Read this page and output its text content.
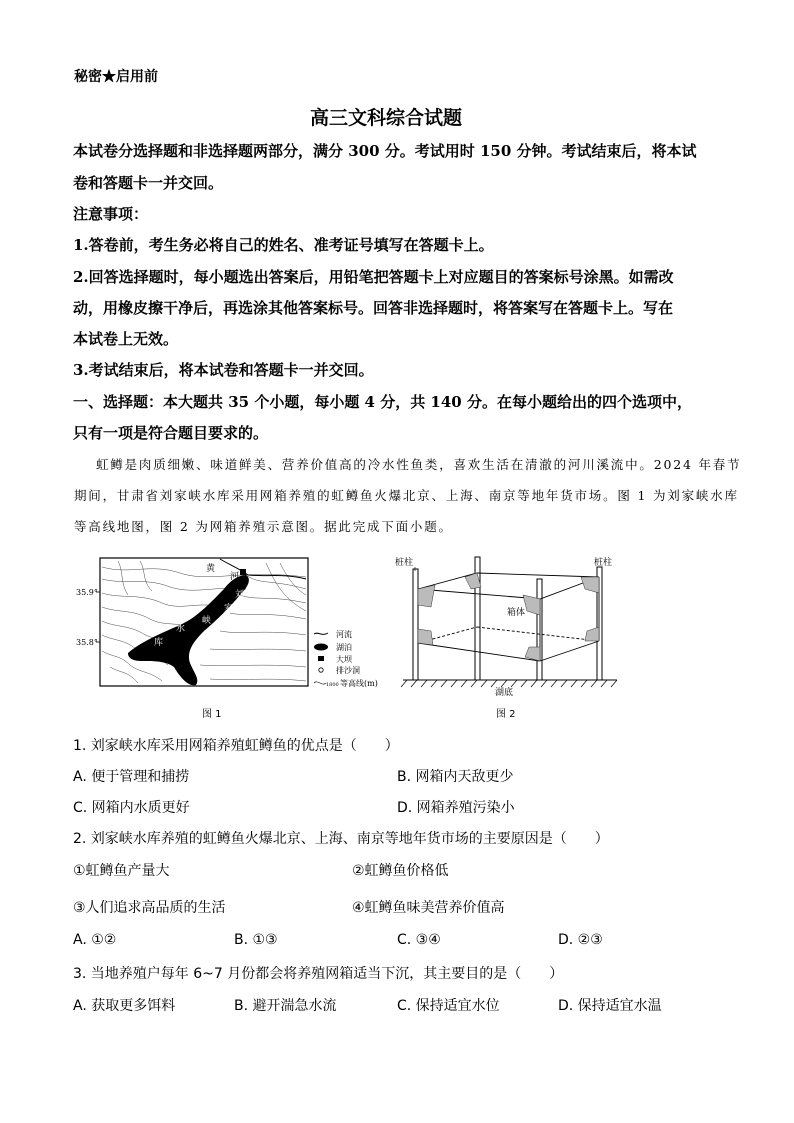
秘密★启用前
高三文科综合试题
本试卷分选择题和非选择题两部分，满分 300 分。考试用时 150 分钟。考试结束后，将本试
卷和答题卡一并交回。
注意事项：
1.答卷前，考生务必将自己的姓名、准考证号填写在答题卡上。
2.回答选择题时，每小题选出答案后，用铅笔把答题卡上对应题目的答案标号涂黑。如需改
动，用橡皮擦干净后，再选涂其他答案标号。回答非选择题时，将答案写在答题卡上。写在
本试卷上无效。
3.考试结束后，将本试卷和答题卡一并交回。
一、选择题：本大题共 35 个小题，每小题 4 分，共 140 分。在每小题给出的四个选项中，
只有一项是符合题目要求的。
虹鳟是肉质细嫩、味道鲜美、营养价值高的冷水性鱼类，喜欢生活在清澈的河川溪流中。2024 年春节
期间，甘肃省刘家峡水库采用网箱养殖的虹鳟鱼火爆北京、上海、南京等地年货市场。图 1 为刘家峡水库
等高线地图，图 2 为网箱养殖示意图。据此完成下面小题。
35.9°
35.8°
黄
河
刘
家
峡
水
库
河流
湖泊
大坝
排沙洞
1800 等高线(m)
图 1
桩柱	桩柱
箱体
湖底
图 2
1. 刘家峡水库采用网箱养殖虹鳟鱼的优点是（　　）
A. 便于管理和捕捞	B. 网箱内天敌更少
C. 网箱内水质更好	D. 网箱养殖污染小
2. 刘家峡水库养殖的虹鳟鱼火爆北京、上海、南京等地年货市场的主要原因是（　　）
①虹鳟鱼产量大	②虹鳟鱼价格低
③人们追求高品质的生活	④虹鳟鱼味美营养价值高
A. ①②	B. ①③	C. ③④	D. ②③
3. 当地养殖户每年 6~7 月份都会将养殖网箱适当下沉，其主要目的是（　　）
A. 获取更多饵料	B. 避开湍急水流	C. 保持适宜水位	D. 保持适宜水温
